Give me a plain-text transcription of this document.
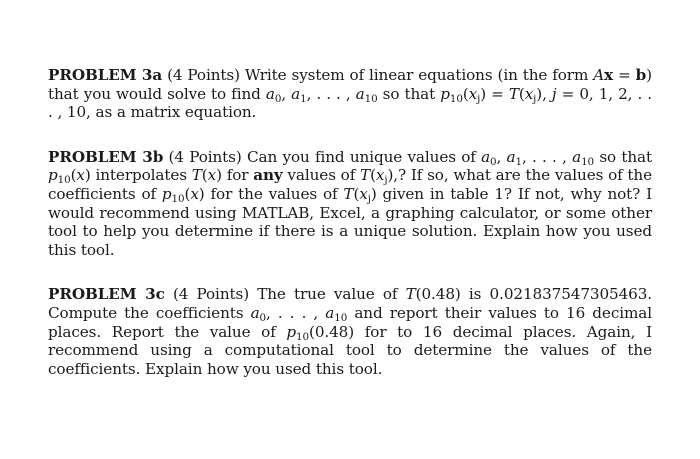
PROBLEM 3a (4 Points) Write system of linear equations (in the form Ax = b) that you would solve to find $a_0$, $a_1$, . . . , $a_{10}$ so that $p_{10}(x_j) = T(x_j)$, j = 0, 1, 2, . . . , 10, as a matrix equation.

PROBLEM 3b (4 Points) Can you find unique values of $a_0$, $a_1$, . . . , $a_{10}$ so that $p_{10}(x)$ interpolates T(x) for any values of $T(x_j)$,? If so, what are the values of the coefficients of $p_{10}(x)$ for the values of $T(x_j)$ given in table 1? If not, why not? I would recommend using MATLAB, Excel, a graphing calculator, or some other tool to help you determine if there is a unique solution. Explain how you used this tool.

PROBLEM 3c (4 Points) The true value of T(0.48) is 0.021837547305463. Compute the coefficients $a_0$, . . . , $a_{10}$ and report their values to 16 decimal places. Report the value of $p_{10}(0.48)$ for to 16 decimal places. Again, I recommend using a computational tool to determine the values of the coefficients. Explain how you used this tool.
